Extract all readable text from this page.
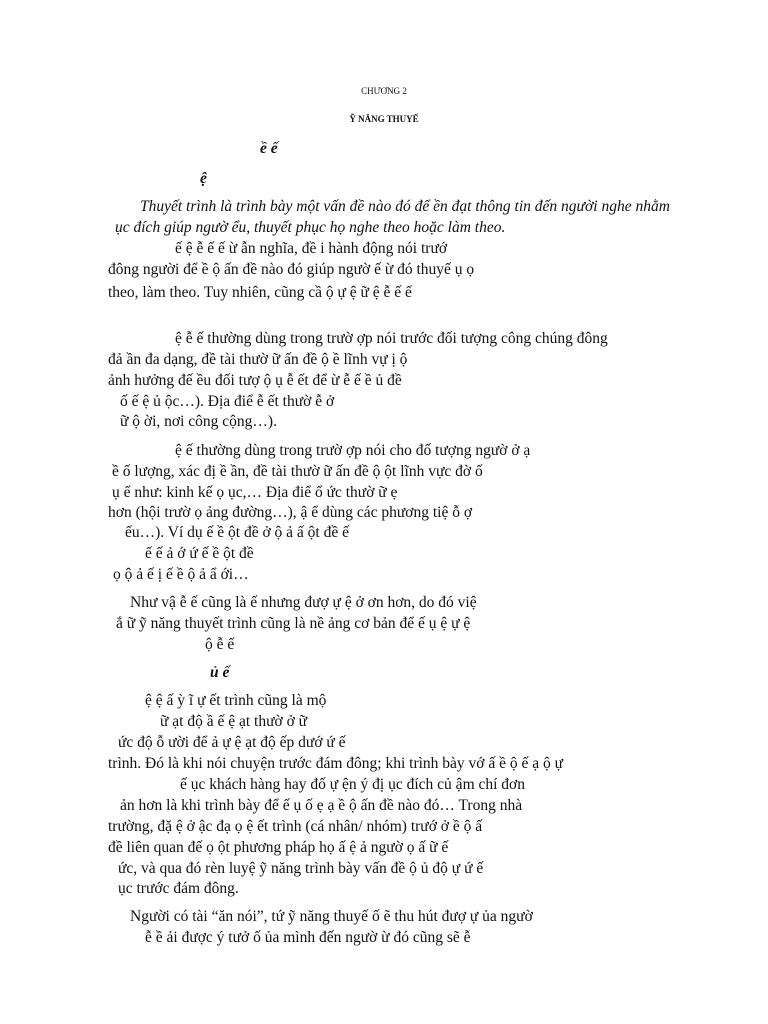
CHƯƠNG 2
Ỹ NĂNG THUYẾ
ề ế
ệ
Thuyết trình là trình bày một vấn đề nào đó để ền đạt thông tin đến người nghe nhằm
ục đích giúp ngườ ểu, thuyết phục họ nghe theo hoặc làm theo.
ế ệ ễ ế ế ừ ẫn nghĩa, đề i hành động nói trướ
đông người để ề ộ ấn đề nào đó giúp ngườ ế ừ đó thuyế ụ ọ
theo, làm theo. Tuy nhiên, cũng cầ ộ ự ệ ữ ệ ễ ế ế
ệ ễ ế thường dùng trong trườ ợp nói trước đối tượng công chúng đông
đả ần đa dạng, đề tài thườ ữ ấn đề ộ ề lĩnh vự ị ộ
ảnh hưởng đế ều đối tượ ộ ụ ễ ết để ừ ễ ế ề ủ đề
ố ế ệ ủ ộc…). Địa điể ễ ết thườ ễ ở
ữ ộ ời, nơi công cộng…).
ệ ế thường dùng trong trườ ợp nói cho đố tượng ngườ ở ạ
ề ố lượng, xác đị ề ần, đề tài thườ ữ ấn đề ộ ột lĩnh vực đờ ố
ụ ể như: kinh kế ọ ục,… Địa điể ổ ức thườ ữ ẹ
hơn (hội trườ ọ ảng đường…), ậ ể dùng các phương tiệ ỗ ợ
ếu…). Ví dụ ế ề ột đề ở ộ ả ấ ột đề ế
ế ế ả ớ ứ ế ề ột đề
ọ ộ ả ế ị ế ề ộ ả ẩ ới…
Như vậ ễ ế cũng là ế nhưng đượ ự ệ ở ơn hơn, do đó việ
ắ ữ ỹ năng thuyết trình cũng là nề ảng cơ bản để ế ụ ệ ự ệ
ộ ễ ế
ủ ế
ệ ệ ấ ỳ ĩ ự ết trình cũng là mộ
ữ ạt độ ầ ế ệ ạt thườ ở ữ
ức độ ỗ ười để ả ự ệ ạt độ ếp dướ ứ ế
trình. Đó là khi nói chuyện trước đám đông; khi trình bày vớ ấ ề ộ ế ạ ộ ự
ế ục khách hàng hay đố ự ện ý đị ục đích củ ậm chí đơn
ản hơn là khi trình bày để ế ụ ố ẹ ạ ề ộ ấn đề nào đó… Trong nhà
trường, đặ ệ ở ậc đạ ọ ệ ết trình (cá nhân/ nhóm) trướ ở ề ộ ấ
đề liên quan đế ọ ột phương pháp họ ấ ệ ả ngườ ọ ấ ữ ế
ức, và qua đó rèn luyệ ỹ năng trình bày vấn đề ộ ủ độ ự ứ ế
ục trước đám đông.
Người có tài “ăn nói”, tứ ỹ năng thuyế ố ẽ thu hút đượ ự ủa ngườ
ễ ề ải được ý tưở ố ủa mình đến ngườ ừ đó cũng sẽ ễ
